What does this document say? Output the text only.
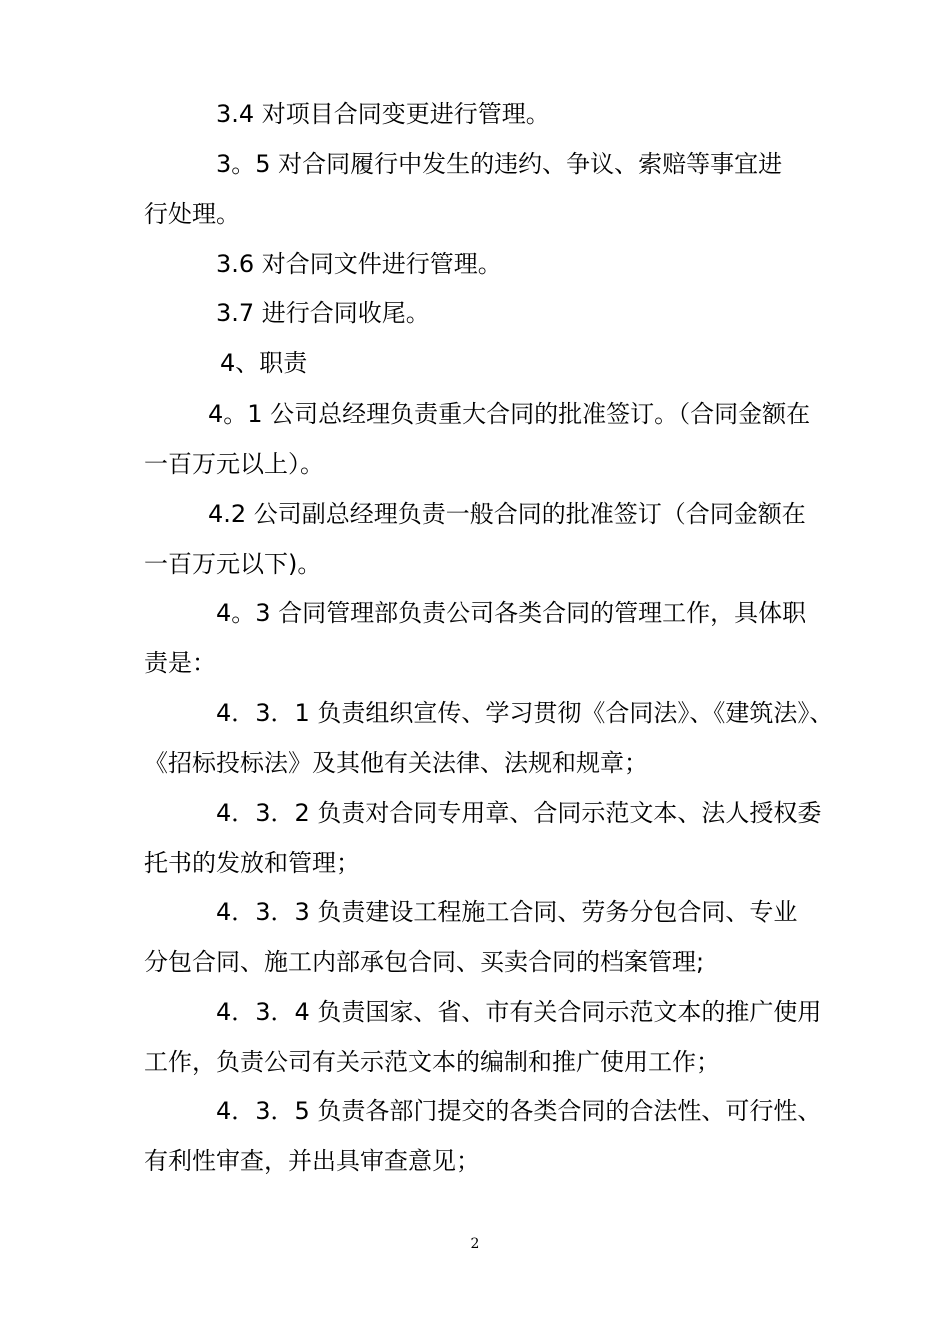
3.4 对项目合同变更进行管理。

3。5 对合同履行中发生的违约、争议、索赔等事宜进
行处理。

3.6 对合同文件进行管理。

3.7 进行合同收尾。

4、职责

4。1 公司总经理负责重大合同的批准签订。（合同金额在
一百万元以上）。

4.2 公司副总经理负责一般合同的批准签订（合同金额在
一百万元以下)。

4。3 合同管理部负责公司各类合同的管理工作，具体职
责是：

4．3．1 负责组织宣传、学习贯彻《合同法》、《建筑法》、
《招标投标法》及其他有关法律、法规和规章；

4．3．2 负责对合同专用章、合同示范文本、法人授权委
托书的发放和管理；

4．3．3 负责建设工程施工合同、劳务分包合同、专业
分包合同、施工内部承包合同、买卖合同的档案管理;

4．3．4 负责国家、省、市有关合同示范文本的推广使用
工作，负责公司有关示范文本的编制和推广使用工作；

4．3．5 负责各部门提交的各类合同的合法性、可行性、
有利性审查，并出具审查意见；

2
